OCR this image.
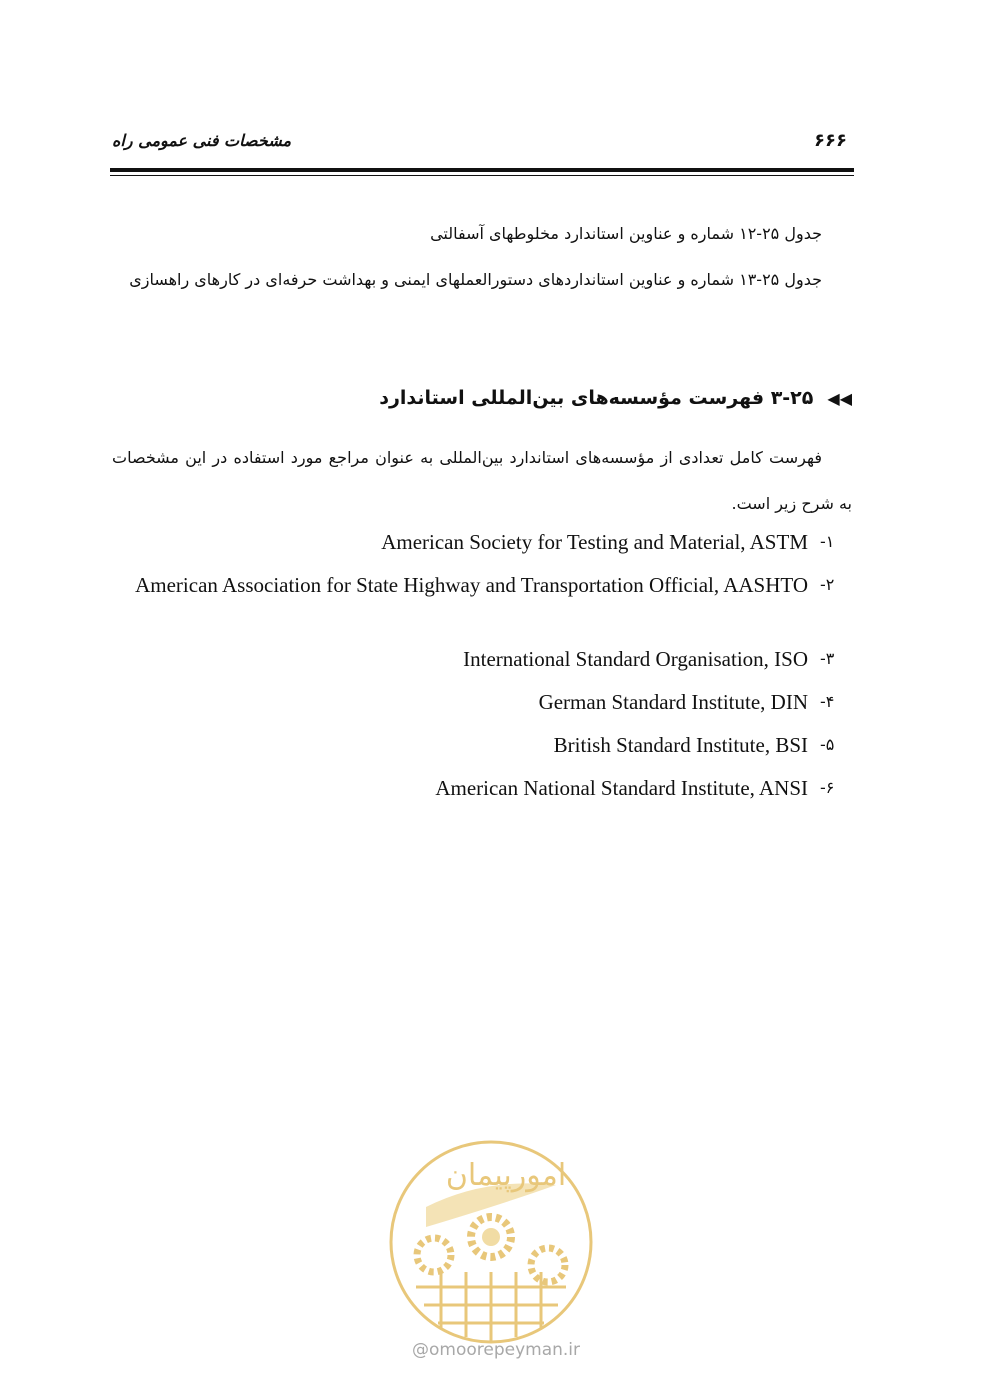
۶۶۶
مشخصات فنی عمومی راه

جدول ۲۵-۱۲ شماره و عناوین استاندارد مخلوطهای آسفالتی

جدول ۲۵-۱۳ شماره و عناوین استانداردهای دستورالعملهای ایمنی و بهداشت حرفه‌ای در کارهای راهسازی

◀◀۳-۲۵ فهرست مؤسسه‌های بین‌المللی استاندارد

فهرست کامل تعدادی از مؤسسه‌های استاندارد بین‌المللی به عنوان مراجع مورد استفاده در این مشخصات به شرح زیر است.

-۱
American Society for Testing and Material, ASTM
-۲
American Association for State Highway and Transportation Official, AASHTO
-۳
International Standard Organisation, ISO
-۴
German Standard Institute, DIN
-۵
British Standard Institute, BSI
-۶
American National Standard Institute, ANSI
امورپیمان
@omoorepeyman.ir
